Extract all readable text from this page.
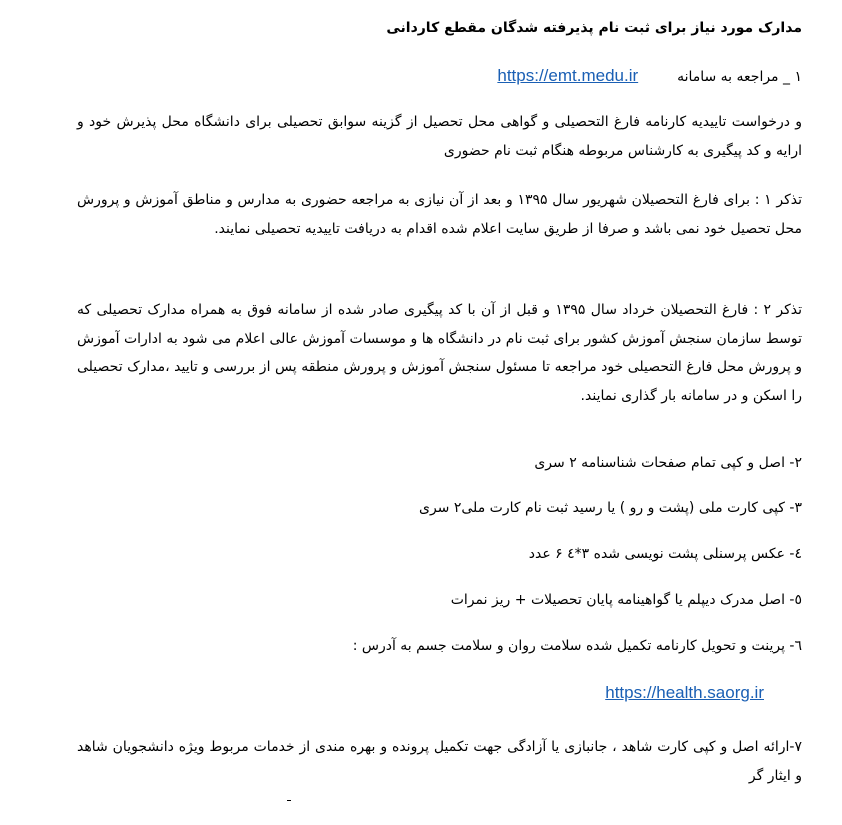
مدارک مورد نیاز برای ثبت نام پذیرفته شدگان مقطع کاردانی
۱ _ مراجعه به سامانه  https://emt.medu.ir
و درخواست تاییدیه کارنامه فارغ التحصیلی و گواهی محل تحصیل از گزینه سوابق تحصیلی برای دانشگاه محل پذیرش خود و ارایه و کد پیگیری به کارشناس مربوطه هنگام ثبت نام حضوری
تذکر ۱ : برای فارغ التحصیلان شهریور سال ۱۳۹۵ و بعد از آن نیازی به مراجعه حضوری به مدارس و مناطق آموزش و پرورش محل تحصیل خود نمی باشد و صرفا از طریق سایت اعلام شده اقدام به دریافت تاییدیه تحصیلی نمایند.
تذکر ۲ : فارغ التحصیلان خرداد سال ۱۳۹۵ و قبل از آن با کد پیگیری صادر شده از سامانه فوق به همراه مدارک تحصیلی که توسط سازمان سنجش آموزش کشور برای ثبت نام در دانشگاه ها و موسسات آموزش عالی اعلام می شود به ادارات آموزش و پرورش محل فارغ التحصیلی خود مراجعه تا مسئول سنجش آموزش و پرورش منطقه پس از بررسی و تایید ،مدارک تحصیلی را اسکن و در سامانه بار گذاری نمایند.
۲- اصل و کپی تمام صفحات شناسنامه ۲ سری
۳- کپی کارت ملی (پشت و رو ) یا رسید ثبت نام کارت ملی۲ سری
٤- عکس پرسنلی پشت نویسی شده ۳*٤ ۶ عدد
٥- اصل مدرک دیپلم یا گواهینامه پایان تحصیلات + ریز نمرات
٦- پرینت و تحویل کارنامه تکمیل شده سلامت روان و سلامت جسم به آدرس :
https://health.saorg.ir
٧-ارائه اصل و کپی کارت شاهد ، جانبازی یا آزادگی جهت تکمیل پرونده و بهره مندی از خدمات مربوط ویژه دانشجویان شاهد و ایثار گر
